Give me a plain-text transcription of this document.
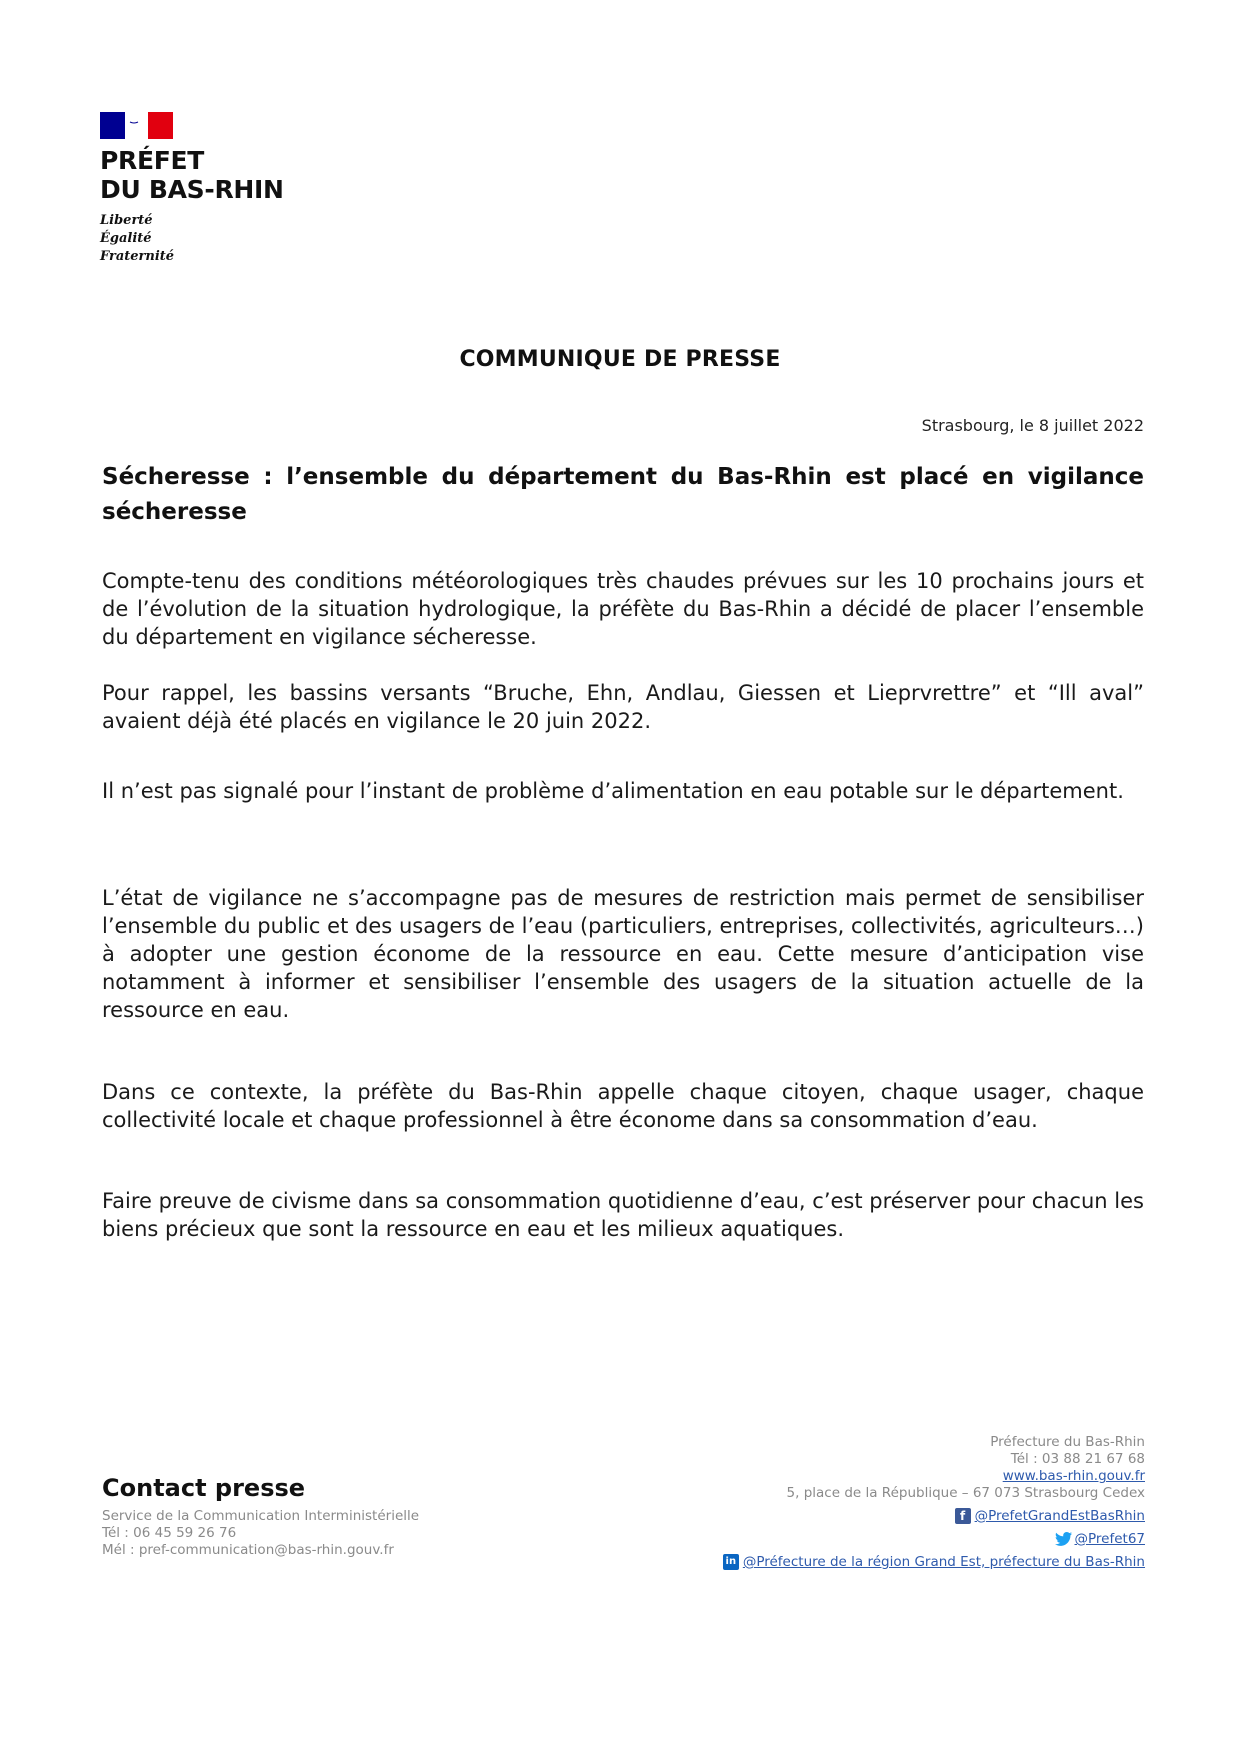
PRÉFET
DU BAS-RHIN
Liberté
Égalité
Fraternité
COMMUNIQUE DE PRESSE
Strasbourg, le 8 juillet 2022
Sécheresse : l’ensemble du département du Bas-Rhin est placé en vigilance sécheresse
Compte-tenu des conditions météorologiques très chaudes prévues sur les 10 prochains jours et de l’évolution de la situation hydrologique, la préfète du Bas-Rhin a décidé de placer l’ensemble du département en vigilance sécheresse.
Pour rappel, les bassins versants “Bruche, Ehn, Andlau, Giessen et Lieprvrettre” et “Ill aval” avaient déjà été placés en vigilance le 20 juin 2022.
Il n’est pas signalé pour l’instant de problème d’alimentation en eau potable sur le département.
L’état de vigilance ne s’accompagne pas de mesures de restriction mais permet de sensibiliser l’ensemble du public et des usagers de l’eau (particuliers, entreprises, collectivités, agriculteurs…) à adopter une gestion économe de la ressource en eau. Cette mesure d’anticipation vise notamment à informer et sensibiliser l’ensemble des usagers de la situation actuelle de la ressource en eau.
Dans ce contexte, la préfète du Bas-Rhin appelle chaque citoyen, chaque usager, chaque collectivité locale et chaque professionnel à être économe dans sa consommation d’eau.
Faire preuve de civisme dans sa consommation quotidienne d’eau, c’est préserver pour chacun les biens précieux que sont la ressource en eau et les milieux aquatiques.
Contact presse
Service de la Communication Interministérielle
Tél : 06 45 59 26 76
Mél : pref-communication@bas-rhin.gouv.fr
Préfecture du Bas-Rhin
Tél : 03 88 21 67 68
www.bas-rhin.gouv.fr
5, place de la République – 67 073 Strasbourg Cedex
f @PrefetGrandEstBasRhin
@Prefet67
in @Préfecture de la région Grand Est, préfecture du Bas-Rhin
